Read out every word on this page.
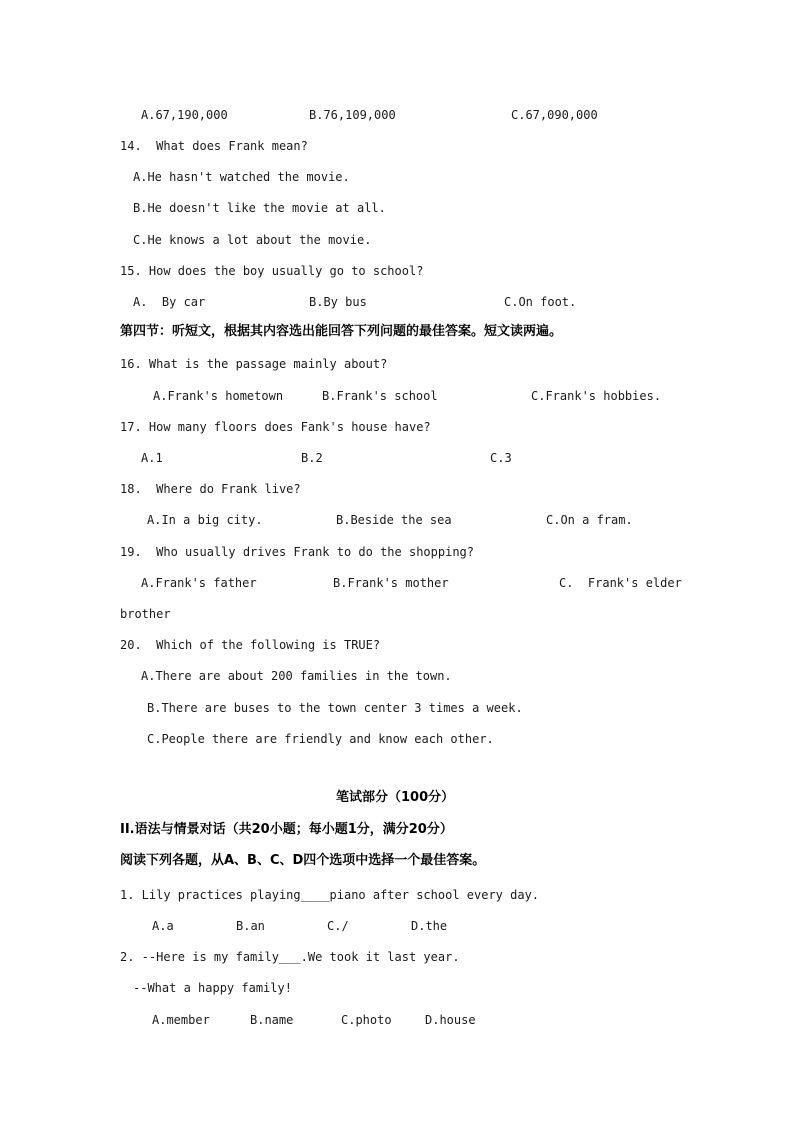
A.67,190,000	B.76,109,000	C.67,090,000
14.  What does Frank mean?
A.He hasn't watched the movie.
B.He doesn't like the movie at all.
C.He knows a lot about the movie.
15. How does the boy usually go to school?
A.  By car	B.By bus	C.On foot.
第四节：听短文，根据其内容选出能回答下列问题的最佳答案。短文读两遍。
16. What is the passage mainly about?
A.Frank's hometown	B.Frank's school	C.Frank's hobbies.
17. How many floors does Fank's house have?
A.1	B.2	C.3
18.  Where do Frank live?
A.In a big city.	B.Beside the sea	C.On a fram.
19.  Who usually drives Frank to do the shopping?
A.Frank's father	B.Frank's mother	C.  Frank's elder
brother
20.  Which of the following is TRUE?
A.There are about 200 families in the town.
B.There are buses to the town center 3 times a week.
C.People there are friendly and know each other.
笔试部分（100分）
II.语法与情景对话（共20小题；每小题1分，满分20分）
阅读下列各题，从A、B、C、D四个选项中选择一个最佳答案。
1. Lily practices playing____piano after school every day.
A.a	B.an	C./	D.the
2. --Here is my family___.We took it last year.
--What a happy family!
A.member	B.name	C.photo	D.house
